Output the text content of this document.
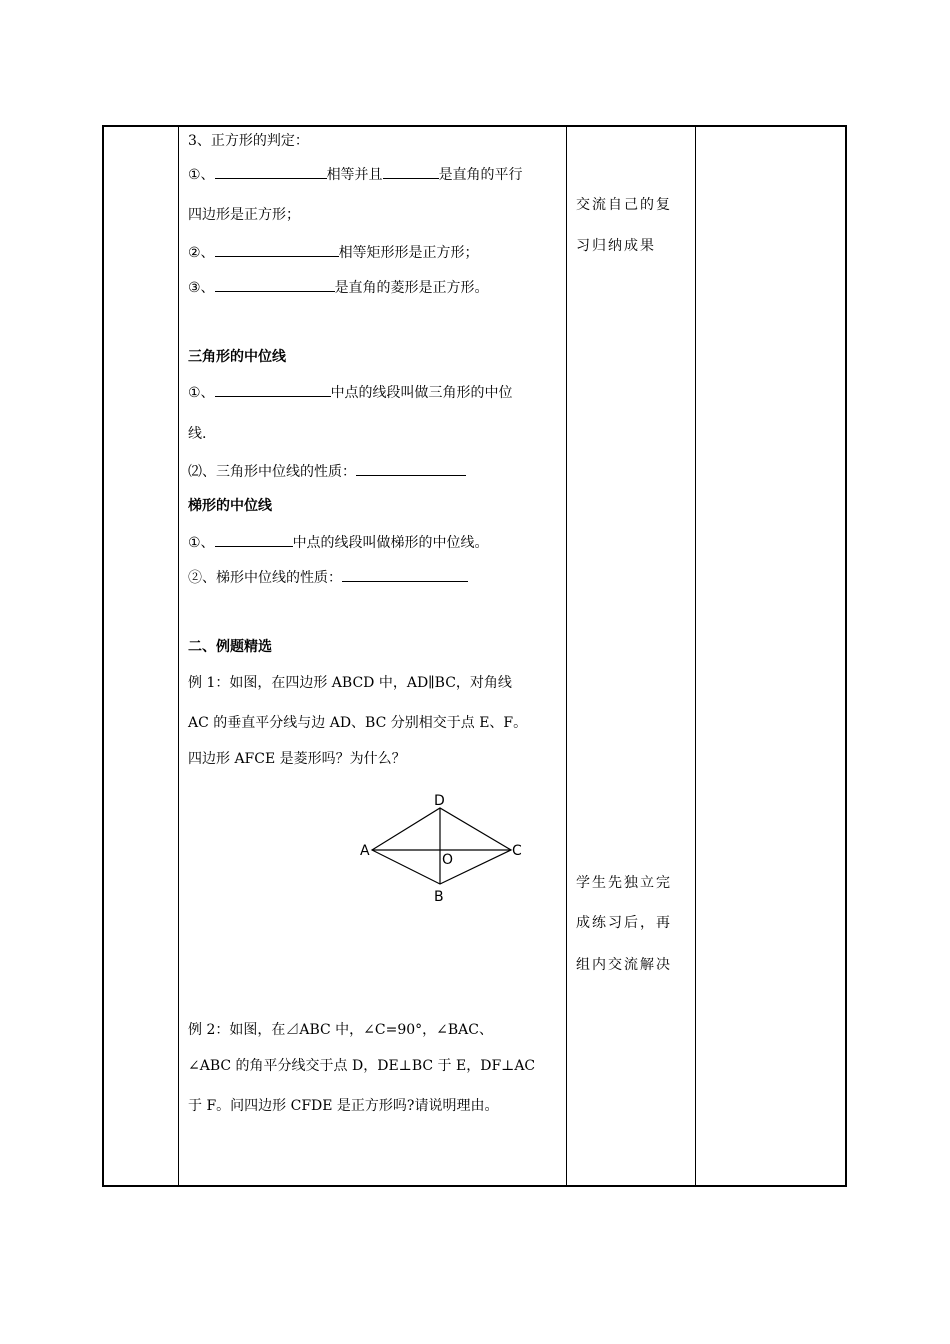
3、正方形的判定：
①、	相等并且	是直角的平行
四边形是正方形；
②、	相等矩形形是正方形；
③、	是直角的菱形是正方形。
三角形的中位线
①、	中点的线段叫做三角形的中位
线.
⑵、三角形中位线的性质：
梯形的中位线
①、	中点的线段叫做梯形的中位线。
②、梯形中位线的性质：
二、例题精选
例 1：如图，在四边形 ABCD 中，AD∥BC，对角线
AC 的垂直平分线与边 AD、BC 分别相交于点 E、F。
四边形 AFCE 是菱形吗？为什么？
D
A	C
O
B
例 2：如图，在⊿ABC 中，∠C=90°，∠BAC、
∠ABC 的角平分线交于点 D，DE⊥BC 于 E，DF⊥AC
于 F。问四边形 CFDE 是正方形吗?请说明理由。
交流自己的复
习归纳成果
学生先独立完
成练习后，再
组内交流解决
